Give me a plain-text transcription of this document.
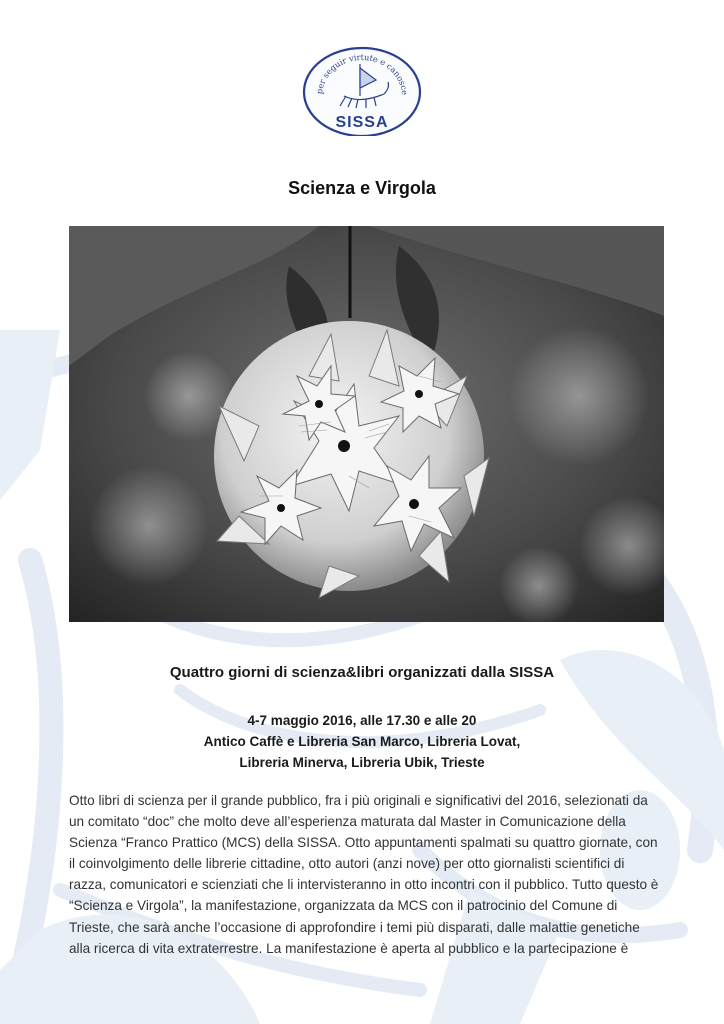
per seguir virtute e canosce
SISSA
Scienza e Virgola
Quattro giorni di scienza&libri organizzati dalla SISSA
4-7 maggio 2016, alle 17.30 e alle 20
Antico Caffè e Libreria San Marco, Libreria Lovat,
Libreria Minerva, Libreria Ubik, Trieste
Otto libri di scienza per il grande pubblico, fra i più originali e significativi del 2016, selezionati da un comitato “doc” che molto deve all’esperienza maturata dal Master in Comunicazione della Scienza “Franco Prattico (MCS) della SISSA. Otto appuntamenti spalmati su quattro giornate, con il coinvolgimento delle librerie cittadine, otto autori (anzi nove) per otto giornalisti scientifici di razza, comunicatori e scienziati che li intervisteranno in otto incontri con il pubblico. Tutto questo è “Scienza e Virgola”, la manifestazione, organizzata da MCS con il patrocinio del Comune di Trieste, che sarà anche l’occasione di approfondire i temi più disparati, dalle malattie genetiche alla ricerca di vita extraterrestre. La manifestazione è aperta al pubblico e la partecipazione è
